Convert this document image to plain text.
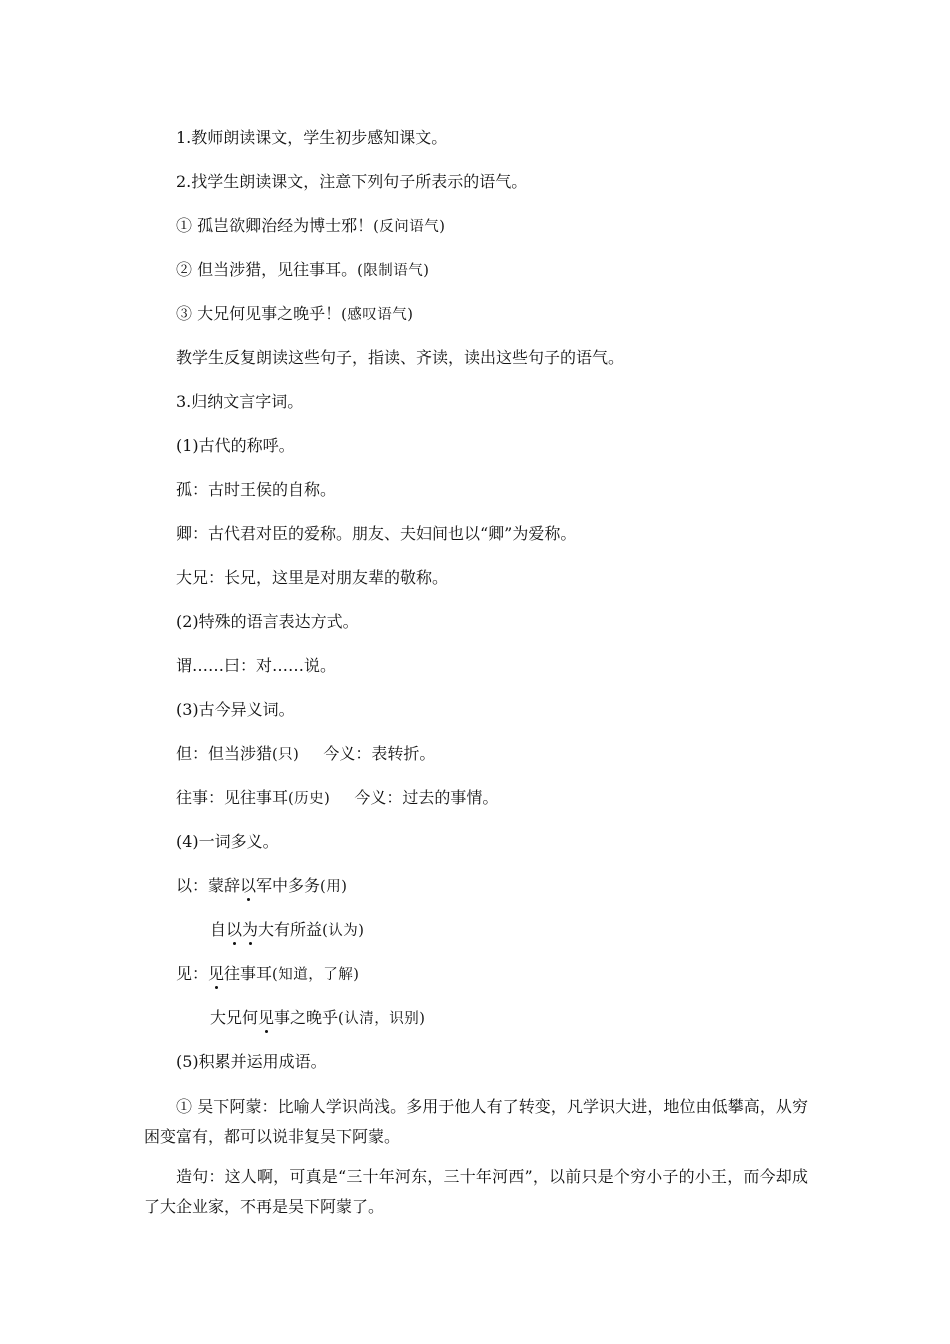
1.教师朗读课文，学生初步感知课文。
2.找学生朗读课文，注意下列句子所表示的语气。
① 孤岂欲卿治经为博士邪！(反问语气)
② 但当涉猎，见往事耳。(限制语气)
③ 大兄何见事之晚乎！(感叹语气)
教学生反复朗读这些句子，指读、齐读，读出这些句子的语气。
3.归纳文言字词。
(1)古代的称呼。
孤：古时王侯的自称。
卿：古代君对臣的爱称。朋友、夫妇间也以“卿”为爱称。
大兄：长兄，这里是对朋友辈的敬称。
(2)特殊的语言表达方式。
谓……曰：对……说。
(3)古今异义词。
但：但当涉猎(只) 今义：表转折。
往事：见往事耳(历史) 今义：过去的事情。
(4)一词多义。
以：蒙辞以军中多务(用)
自以为大有所益(认为)
见：见往事耳(知道，了解)
大兄何见事之晚乎(认清，识别)
(5)积累并运用成语。
① 吴下阿蒙：比喻人学识尚浅。多用于他人有了转变，凡学识大进，地位由低攀高，从穷困变富有，都可以说非复吴下阿蒙。
造句：这人啊，可真是“三十年河东，三十年河西”，以前只是个穷小子的小王，而今却成了大企业家，不再是吴下阿蒙了。
